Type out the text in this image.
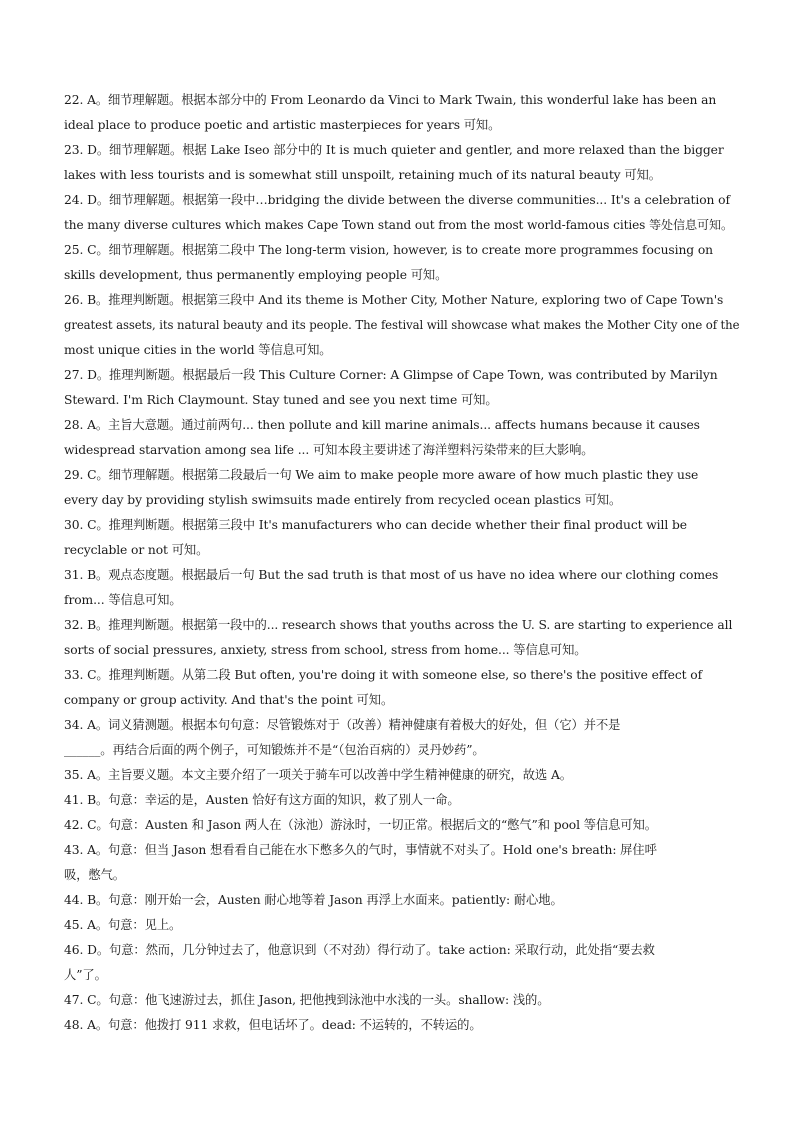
22. A。细节理解题。根据本部分中的 From Leonardo da Vinci to Mark Twain, this wonderful lake has been an
ideal place to produce poetic and artistic masterpieces for years 可知。
23. D。细节理解题。根据 Lake Iseo 部分中的 It is much quieter and gentler, and more relaxed than the bigger
lakes with less tourists and is somewhat still unspoilt, retaining much of its natural beauty 可知。
24. D。细节理解题。根据第一段中…bridging the divide between the diverse communities... It's a celebration of
the many diverse cultures which makes Cape Town stand out from the most world-famous cities 等处信息可知。
25. C。细节理解题。根据第二段中 The long-term vision, however, is to create more programmes focusing on
skills development, thus permanently employing people 可知。
26. B。推理判断题。根据第三段中 And its theme is Mother City, Mother Nature, exploring two of Cape Town's
greatest assets, its natural beauty and its people. The festival will showcase what makes the Mother City one of the
most unique cities in the world 等信息可知。
27. D。推理判断题。根据最后一段 This Culture Corner: A Glimpse of Cape Town, was contributed by Marilyn
Steward. I'm Rich Claymount. Stay tuned and see you next time 可知。
28. A。主旨大意题。通过前两句... then pollute and kill marine animals... affects humans because it causes
widespread starvation among sea life ... 可知本段主要讲述了海洋塑料污染带来的巨大影响。
29. C。细节理解题。根据第二段最后一句 We aim to make people more aware of how much plastic they use
every day by providing stylish swimsuits made entirely from recycled ocean plastics 可知。
30. C。推理判断题。根据第三段中 It's manufacturers who can decide whether their final product will be
recyclable or not 可知。
31. B。观点态度题。根据最后一句 But the sad truth is that most of us have no idea where our clothing comes
from... 等信息可知。
32. B。推理判断题。根据第一段中的... research shows that youths across the U. S. are starting to experience all
sorts of social pressures, anxiety, stress from school, stress from home... 等信息可知。
33. C。推理判断题。从第二段 But often, you're doing it with someone else, so there's the positive effect of
company or group activity. And that's the point 可知。
34. A。词义猜测题。根据本句句意：尽管锻炼对于（改善）精神健康有着极大的好处，但（它）并不是
______。再结合后面的两个例子，可知锻炼并不是“（包治百病的）灵丹妙药”。
35. A。主旨要义题。本文主要介绍了一项关于骑车可以改善中学生精神健康的研究，故选 A。
41. B。句意：幸运的是，Austen 恰好有这方面的知识，救了别人一命。
42. C。句意：Austen 和 Jason 两人在（泳池）游泳时，一切正常。根据后文的“憋气”和 pool 等信息可知。
43. A。句意：但当 Jason 想看看自己能在水下憋多久的气时，事情就不对头了。Hold one's breath: 屏住呼
吸，憋气。
44. B。句意：刚开始一会，Austen 耐心地等着 Jason 再浮上水面来。patiently: 耐心地。
45. A。句意：见上。
46. D。句意：然而，几分钟过去了，他意识到（不对劲）得行动了。take action: 采取行动，此处指“要去救
人”了。
47. C。句意：他飞速游过去，抓住 Jason, 把他拽到泳池中水浅的一头。shallow: 浅的。
48. A。句意：他拨打 911 求救，但电话坏了。dead: 不运转的，不转运的。
